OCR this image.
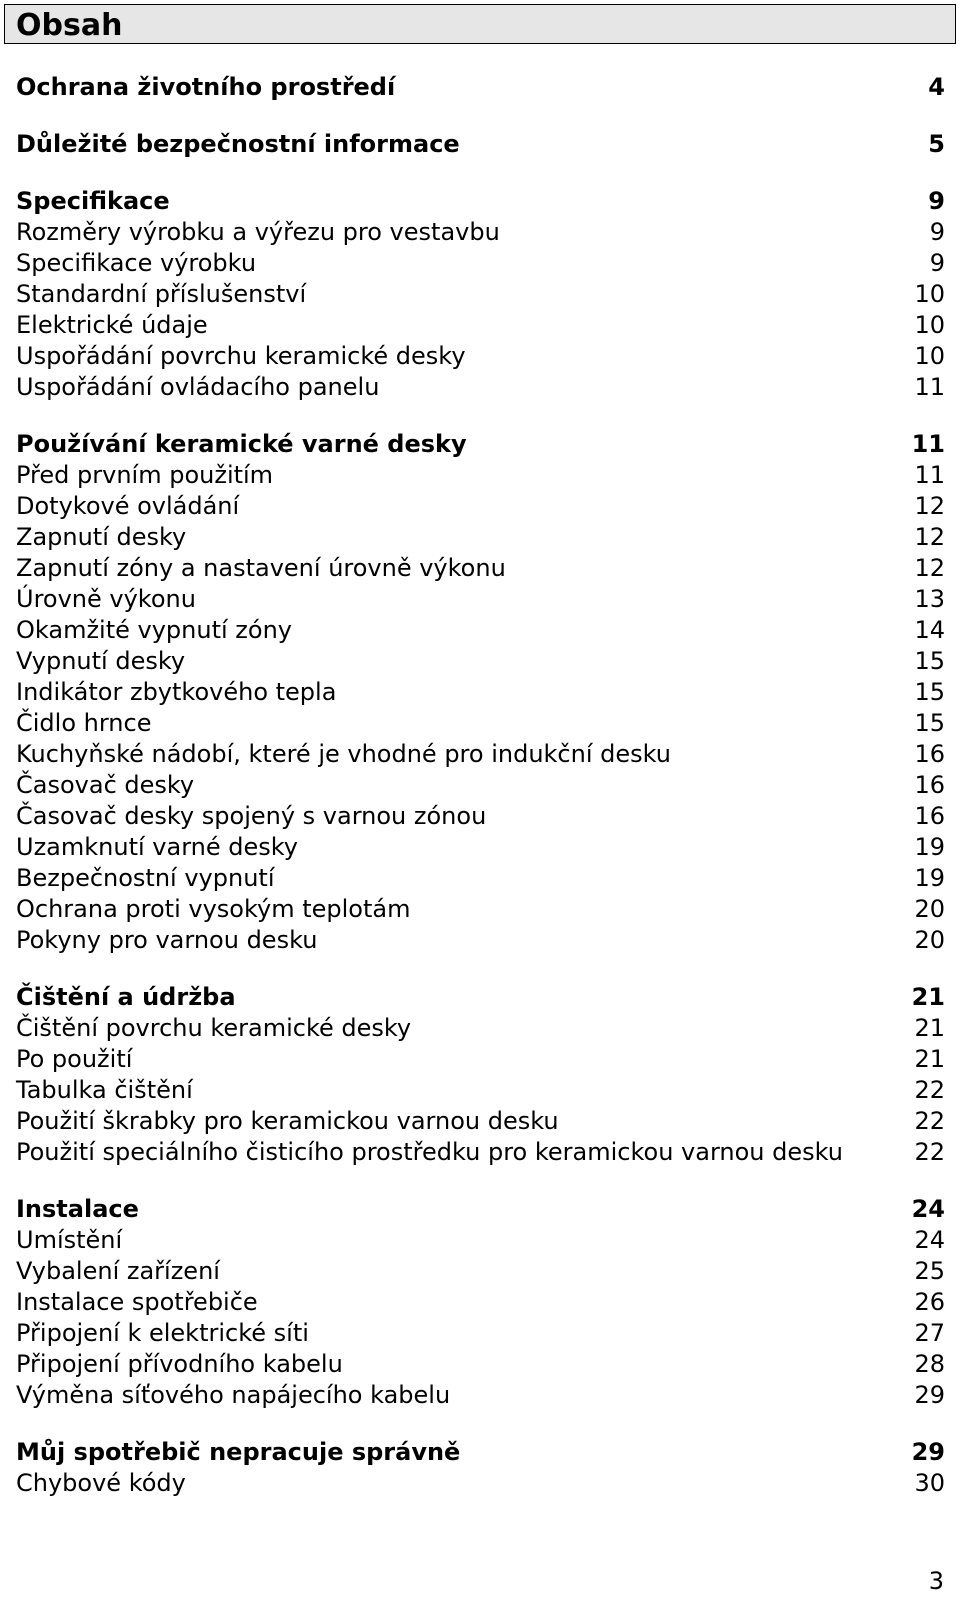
Obsah
Ochrana životního prostředí	4
Důležité bezpečnostní informace	5
Specifikace	9
Rozměry výrobku a výřezu pro vestavbu	9
Specifikace výrobku	9
Standardní příslušenství	10
Elektrické údaje	10
Uspořádání povrchu keramické desky	10
Uspořádání ovládacího panelu	11
Používání keramické varné desky	11
Před prvním použitím	11
Dotykové ovládání	12
Zapnutí desky	12
Zapnutí zóny a nastavení úrovně výkonu	12
Úrovně výkonu	13
Okamžité vypnutí zóny	14
Vypnutí desky	15
Indikátor zbytkového tepla	15
Čidlo hrnce	15
Kuchyňské nádobí, které je vhodné pro indukční desku	16
Časovač desky	16
Časovač desky spojený s varnou zónou	16
Uzamknutí varné desky	19
Bezpečnostní vypnutí	19
Ochrana proti vysokým teplotám	20
Pokyny pro varnou desku	20
Čištění a údržba	21
Čištění povrchu keramické desky	21
Po použití	21
Tabulka čištění	22
Použití škrabky pro keramickou varnou desku	22
Použití speciálního čisticího prostředku pro keramickou varnou desku	22
Instalace	24
Umístění	24
Vybalení zařízení	25
Instalace spotřebiče	26
Připojení k elektrické síti	27
Připojení přívodního kabelu	28
Výměna síťového napájecího kabelu	29
Můj spotřebič nepracuje správně	29
Chybové kódy	30
3
